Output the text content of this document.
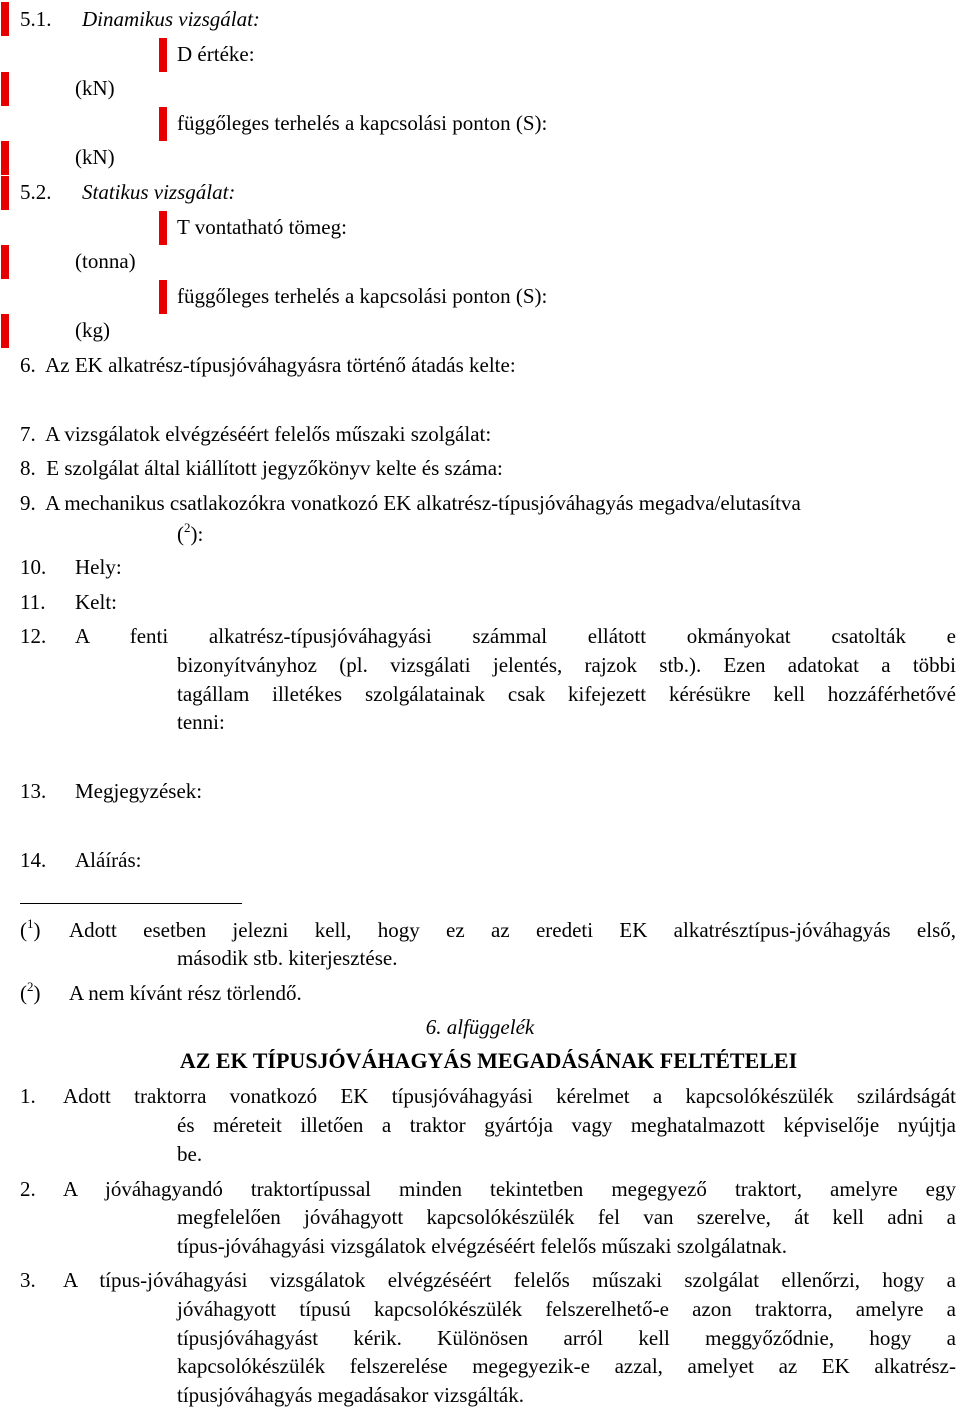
5.1. Dinamikus vizsgálat:
D értéke:
(kN)
függőleges terhelés a kapcsolási ponton (S):
(kN)
5.2. Statikus vizsgálat:
T vontatható tömeg:
(tonna)
függőleges terhelés a kapcsolási ponton (S):
(kg)
6.  Az EK alkatrész-típusjóváhagyásra történő átadás kelte:
7.  A vizsgálatok elvégzéséért felelős műszaki szolgálat:
8.  E szolgálat által kiállított jegyzőkönyv kelte és száma:
9.  A mechanikus csatlakozókra vonatkozó EK alkatrész-típusjóváhagyás megadva/elutasítva
($^2$):
10. Hely:
11. Kelt:
12. A fenti alkatrész-típusjóváhagyási számmal ellátott okmányokat csatolták e
bizonyítványhoz (pl. vizsgálati jelentés, rajzok stb.). Ezen adatokat a többi
tagállam illetékes szolgálatainak csak kifejezett kérésükre kell hozzáférhetővé
tenni:
13. Megjegyzések:
14. Aláírás:
($^1$) Adott esetben jelezni kell, hogy ez az eredeti EK alkatrésztípus-jóváhagyás első,
második stb. kiterjesztése.
($^2$) A nem kívánt rész törlendő.
6. alfüggelék
AZ EK TÍPUSJÓVÁHAGYÁS MEGADÁSÁNAK FELTÉTELEI
1. Adott traktorra vonatkozó EK típusjóváhagyási kérelmet a kapcsolókészülék szilárdságát
és méreteit illetően a traktor gyártója vagy meghatalmazott képviselője nyújtja
be.
2. A jóváhagyandó traktortípussal minden tekintetben megegyező traktort, amelyre egy
megfelelően jóváhagyott kapcsolókészülék fel van szerelve, át kell adni a
típus-jóváhagyási vizsgálatok elvégzéséért felelős műszaki szolgálatnak.
3. A típus-jóváhagyási vizsgálatok elvégzéséért felelős műszaki szolgálat ellenőrzi, hogy a
jóváhagyott típusú kapcsolókészülék felszerelhető-e azon traktorra, amelyre a
típusjóváhagyást kérik. Különösen arról kell meggyőződnie, hogy a
kapcsolókészülék felszerelése megegyezik-e azzal, amelyet az EK alkatrész-
típusjóváhagyás megadásakor vizsgálták.
